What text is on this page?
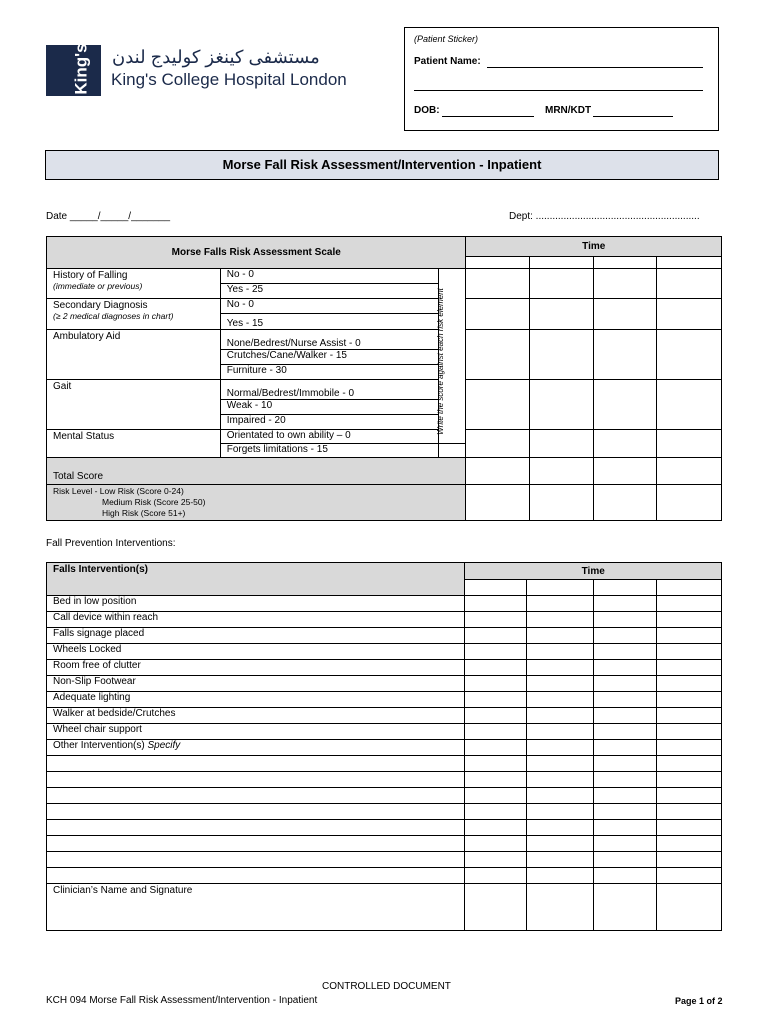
King's مستشفى كينغز كوليدج لندن
King's College Hospital London
(Patient Sticker)
Patient Name:
DOB:	MRN/KDT
Morse Fall Risk Assessment/Intervention - Inpatient
Date _____/_____/_______	Dept: ...........................................................
Morse Falls Risk Assessment Scale			Time			

History of Falling
(immediate or previous)	No - 0	Write the score against each risk element				

	Yes - 25					

Secondary Diagnosis
(≥ 2 medical diagnoses in chart)	No - 0					
	Yes - 15					
Ambulatory Aid	None/Bedrest/Nurse Assist - 0					
	Crutches/Cane/Walker - 15					
	Furniture - 30					
Gait	Normal/Bedrest/Immobile - 0					
	Weak - 10					
	Impaired - 20					
Mental Status	Orientated to own ability – 0					
	Forgets limitations - 15					
Total Score						

Risk Level - Low Risk (Score 0-24)
Medium Risk (Score 25-50)
High Risk (Score 51+)						

Fall Prevention Interventions:
Falls Intervention(s)	Time			

Bed in low position				
Call device within reach				
Falls signage placed				
Wheels Locked				
Room free of clutter				
Non-Slip Footwear				
Adequate lighting				
Walker at bedside/Crutches				
Wheel chair support				
Other Intervention(s) Specify				

Clinician’s Name and Signature				
CONTROLLED DOCUMENT
KCH 094 Morse Fall Risk Assessment/Intervention - Inpatient	Page 1 of 2
